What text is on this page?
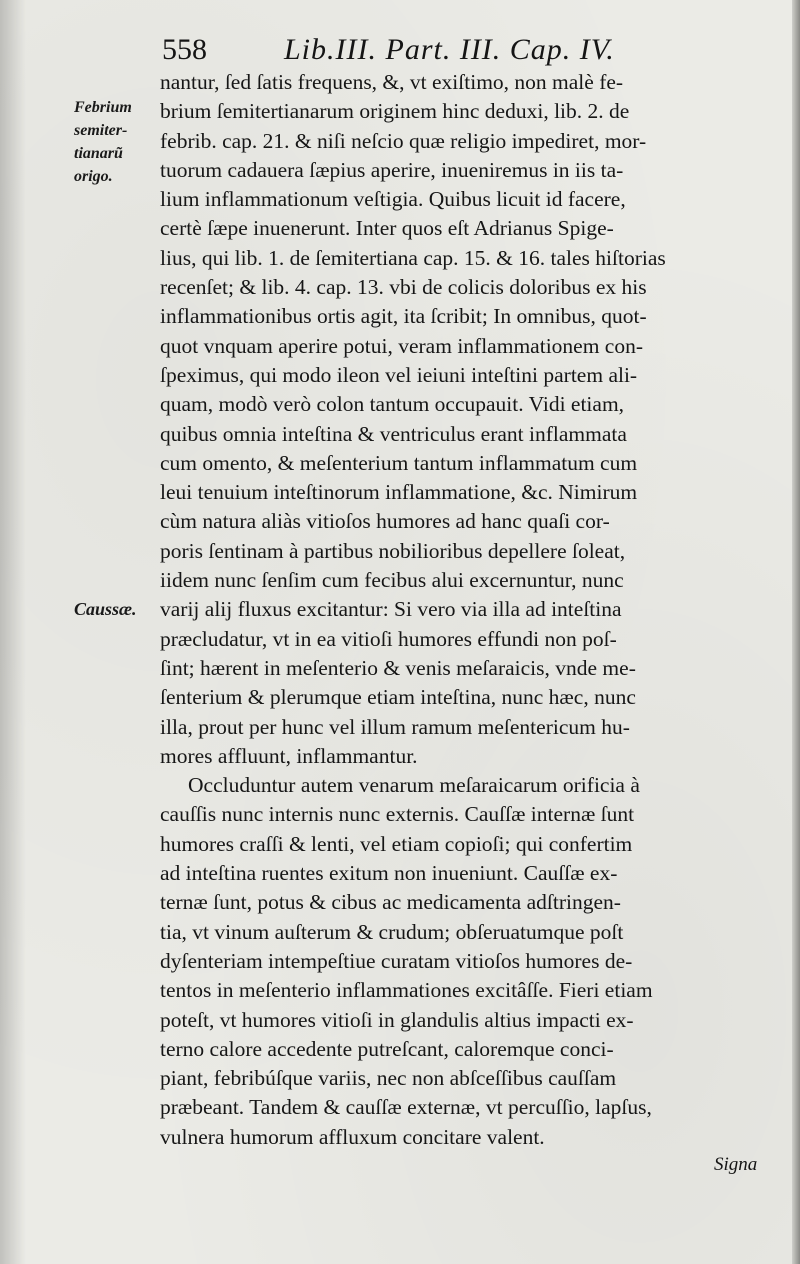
558	Lib.III. Part. III. Cap. IV.
Febrium
semiter-
tianarũ
origo.
Caussæ.
nantur, ſed ſatis frequens, &, vt exiſtimo, non malè fe-
brium ſemitertianarum originem hinc deduxi, lib. 2. de
febrib. cap. 21. & niſi neſcio quæ religio impediret, mor-
tuorum cadauera ſæpius aperire, inueniremus in iis ta-
lium inflammationum veſtigia. Quibus licuit id facere,
certè ſæpe inuenerunt. Inter quos eſt Adrianus Spige-
lius, qui lib. 1. de ſemitertiana cap. 15. & 16. tales hiſtorias
recenſet; & lib. 4. cap. 13. vbi de colicis doloribus ex his
inflammationibus ortis agit, ita ſcribit; In omnibus, quot-
quot vnquam aperire potui, veram inflammationem con-
ſpeximus, qui modo ileon vel ieiuni inteſtini partem ali-
quam, modò verò colon tantum occupauit. Vidi etiam,
quibus omnia inteſtina & ventriculus erant inflammata
cum omento, & meſenterium tantum inflammatum cum
leui tenuium inteſtinorum inflammatione, &c. Nimirum
cùm natura aliàs vitioſos humores ad hanc quaſi cor-
poris ſentinam à partibus nobilioribus depellere ſoleat,
iidem nunc ſenſim cum fecibus alui excernuntur, nunc
varij alij fluxus excitantur: Si vero via illa ad inteſtina
præcludatur, vt in ea vitioſi humores effundi non poſ-
ſint; hærent in meſenterio & venis meſaraicis, vnde me-
ſenterium & plerumque etiam inteſtina, nunc hæc, nunc
illa, prout per hunc vel illum ramum meſentericum hu-
mores affluunt, inflammantur.
Occluduntur autem venarum meſaraicarum orificia à
cauſſis nunc internis nunc externis. Cauſſæ internæ ſunt
humores craſſi & lenti, vel etiam copioſi; qui confertim
ad inteſtina ruentes exitum non inueniunt. Cauſſæ ex-
ternæ ſunt, potus & cibus ac medicamenta adſtringen-
tia, vt vinum auſterum & crudum; obſeruatumque poſt
dyſenteriam intempeſtiue curatam vitioſos humores de-
tentos in meſenterio inflammationes excitâſſe. Fieri etiam
poteſt, vt humores vitioſi in glandulis altius impacti ex-
terno calore accedente putreſcant, caloremque conci-
piant, febribúſque variis, nec non abſceſſibus cauſſam
præbeant. Tandem & cauſſæ externæ, vt percuſſio, lapſus,
vulnera humorum affluxum concitare valent.
Signa
